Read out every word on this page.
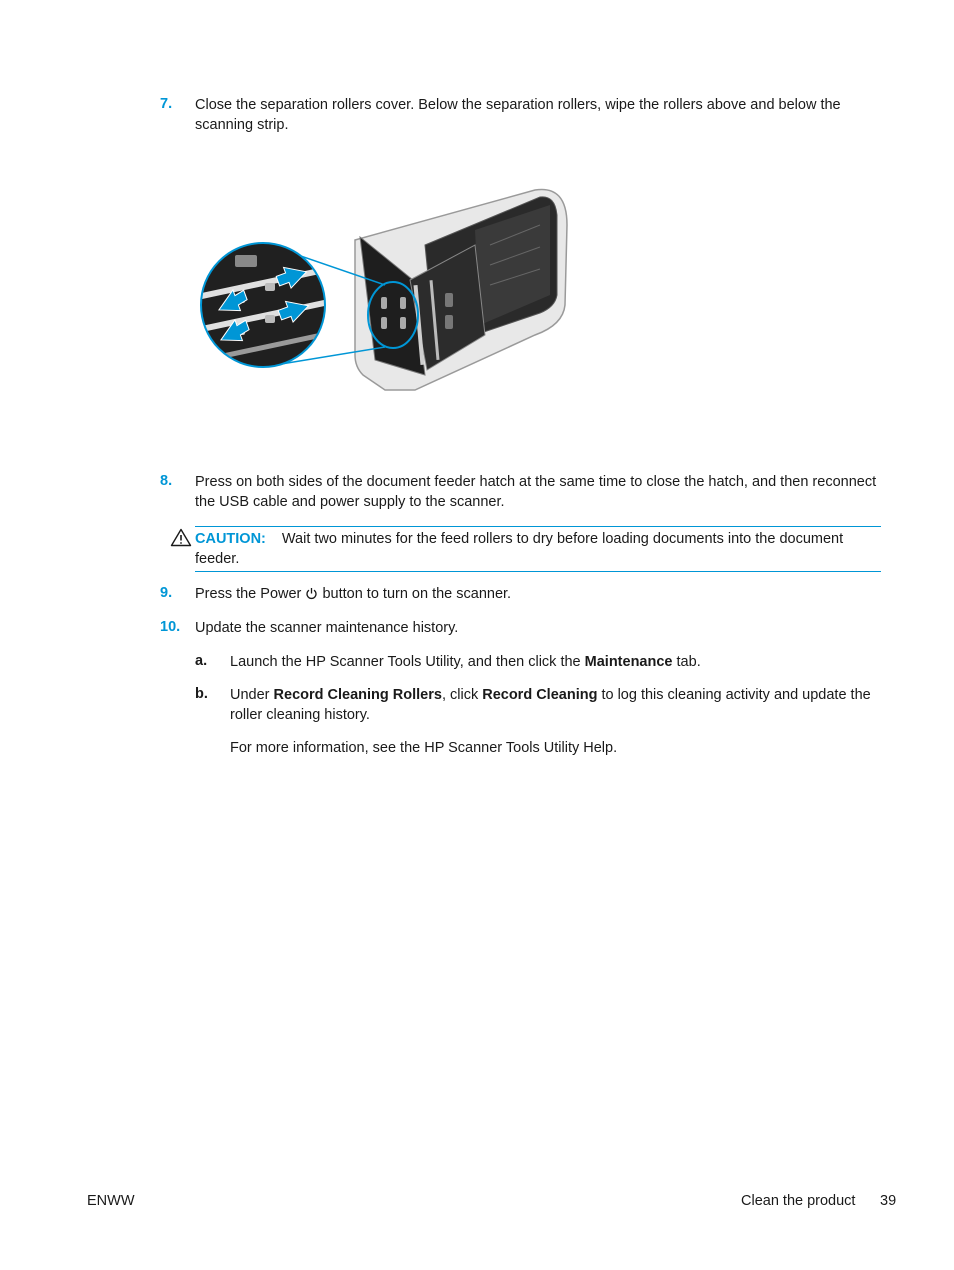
7. Close the separation rollers cover. Below the separation rollers, wipe the rollers above and below the scanning strip.
8. Press on both sides of the document feeder hatch at the same time to close the hatch, and then reconnect the USB cable and power supply to the scanner.
CAUTION: Wait two minutes for the feed rollers to dry before loading documents into the document feeder.
9. Press the Power button to turn on the scanner.
10. Update the scanner maintenance history.
a. Launch the HP Scanner Tools Utility, and then click the Maintenance tab.
b. Under Record Cleaning Rollers, click Record Cleaning to log this cleaning activity and update the roller cleaning history.
For more information, see the HP Scanner Tools Utility Help.
ENWW	Clean the product 39
